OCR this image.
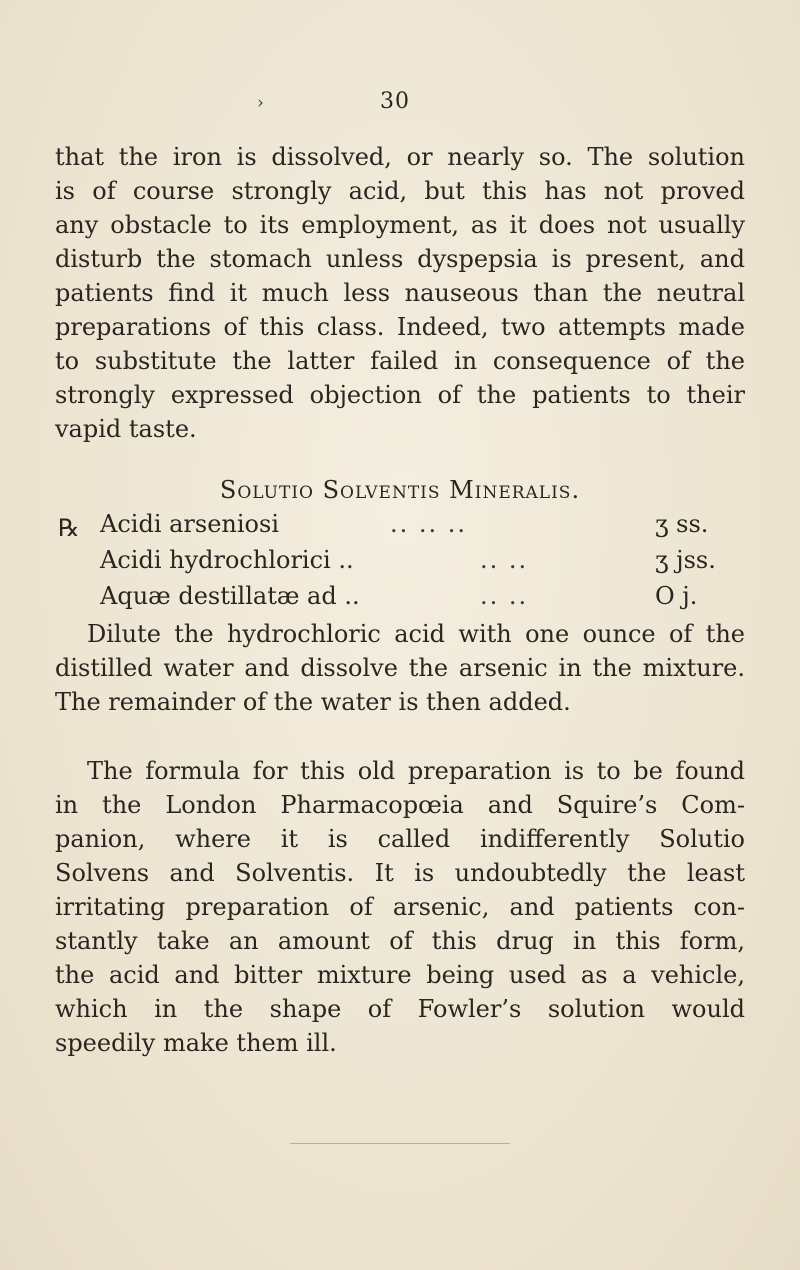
›	30
that the iron is dissolved, or nearly so. The solution
is of course strongly acid, but this has not proved
any obstacle to its employment, as it does not usually
disturb the stomach unless dyspepsia is present, and
patients find it much less nauseous than the neutral
preparations of this class. Indeed, two attempts made
to substitute the latter failed in consequence of the
strongly expressed objection of the patients to their
vapid taste.
Solutio Solventis Mineralis.
℞ Acidi arseniosi	.. .. ..	ʒ ss.
Acidi hydrochlorici ..	.. ..	ʒ jss.
Aquæ destillatæ ad ..	.. ..	O j.
Dilute the hydrochloric acid with one ounce of the
distilled water and dissolve the arsenic in the mixture.
The remainder of the water is then added.
The formula for this old preparation is to be found
in the London Pharmacopœia and Squire’s Com-
panion, where it is called indifferently Solutio
Solvens and Solventis. It is undoubtedly the least
irritating preparation of arsenic, and patients con-
stantly take an amount of this drug in this form,
the acid and bitter mixture being used as a vehicle,
which in the shape of Fowler’s solution would
speedily make them ill.
